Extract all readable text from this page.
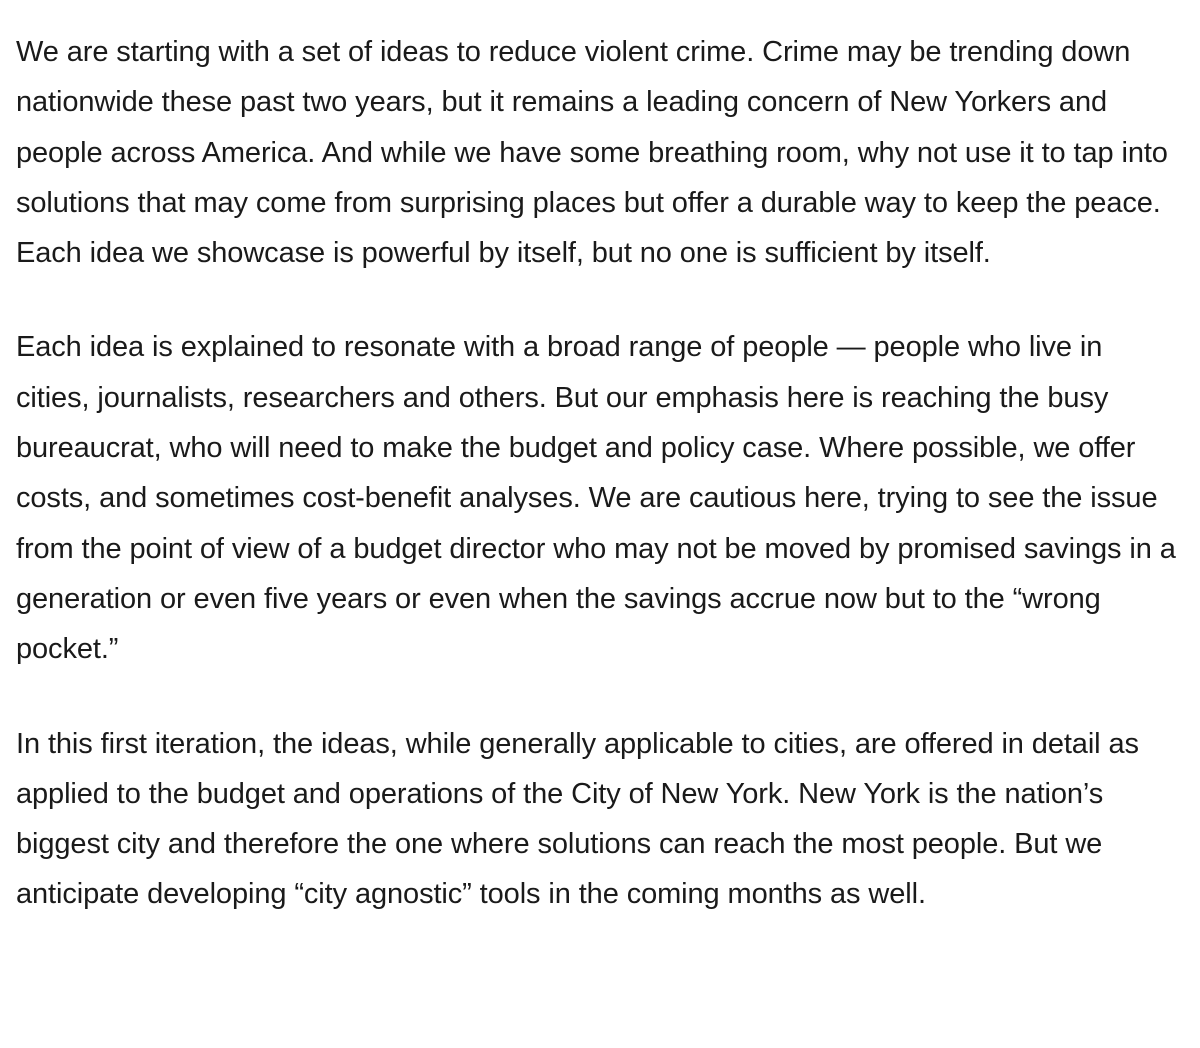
We are starting with a set of ideas to reduce violent crime. Crime may be trending down nationwide these past two years, but it remains a leading concern of New Yorkers and people across America. And while we have some breathing room, why not use it to tap into solutions that may come from surprising places but offer a durable way to keep the peace. Each idea we showcase is powerful by itself, but no one is sufficient by itself.

Each idea is explained to resonate with a broad range of people — people who live in cities, journalists, researchers and others. But our emphasis here is reaching the busy bureaucrat, who will need to make the budget and policy case. Where possible, we offer costs, and sometimes cost-benefit analyses. We are cautious here, trying to see the issue from the point of view of a budget director who may not be moved by promised savings in a generation or even five years or even when the savings accrue now but to the “wrong pocket.”

In this first iteration, the ideas, while generally applicable to cities, are offered in detail as applied to the budget and operations of the City of New York. New York is the nation’s biggest city and therefore the one where solutions can reach the most people. But we anticipate developing “city agnostic” tools in the coming months as well.
